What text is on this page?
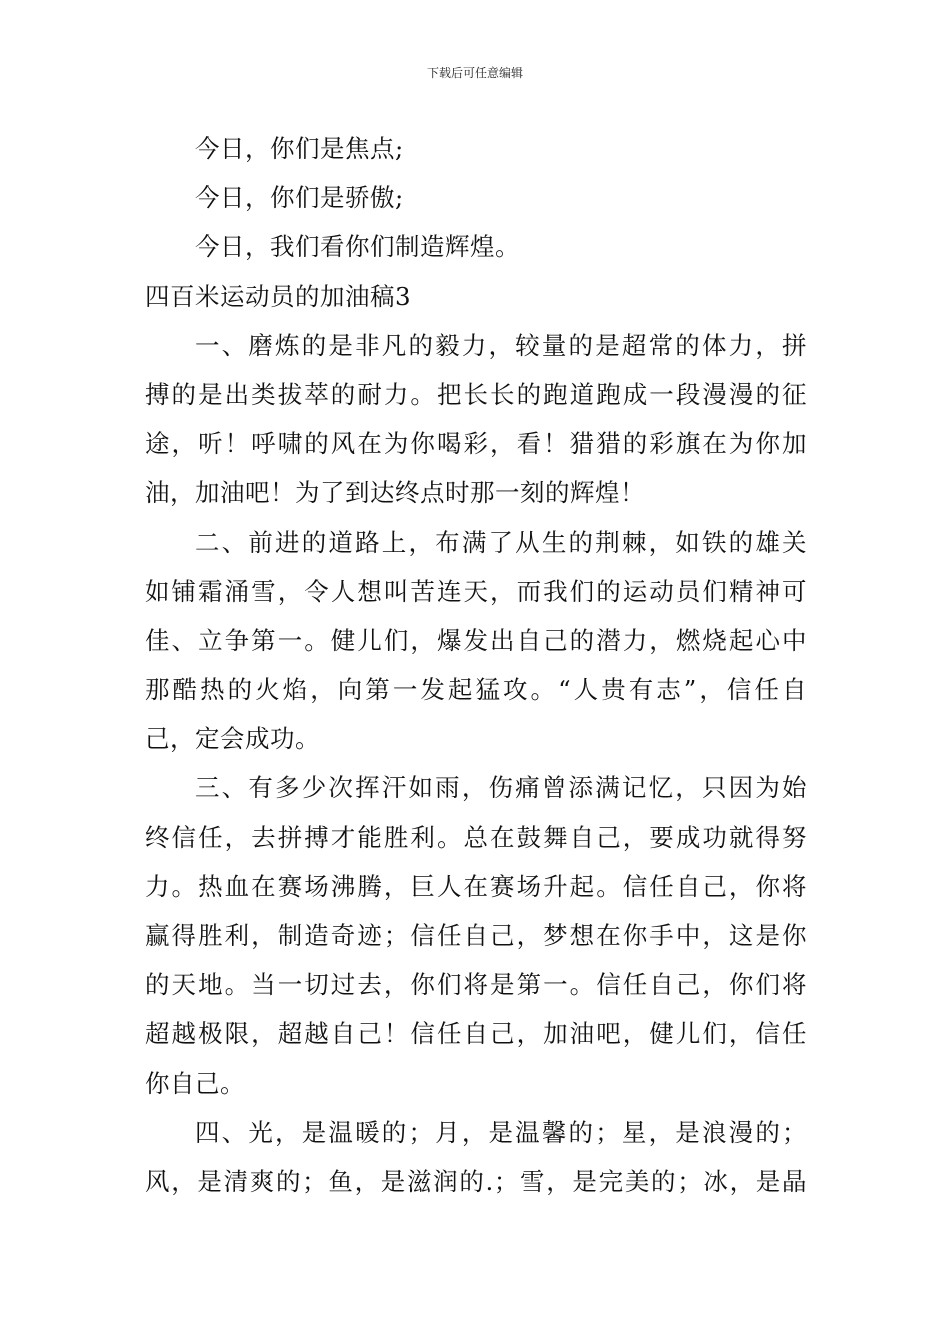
下载后可任意编辑
今日，你们是焦点;
今日，你们是骄傲;
今日，我们看你们制造辉煌。
四百米运动员的加油稿3
一、磨炼的是非凡的毅力，较量的是超常的体力，拼
搏的是出类拔萃的耐力。把长长的跑道跑成一段漫漫的征
途，听！呼啸的风在为你喝彩，看！猎猎的彩旗在为你加
油，加油吧！为了到达终点时那一刻的辉煌！
二、前进的道路上，布满了从生的荆棘，如铁的雄关
如铺霜涌雪，令人想叫苦连天，而我们的运动员们精神可
佳、立争第一。健儿们，爆发出自己的潜力，燃烧起心中
那酷热的火焰，向第一发起猛攻。“人贵有志”，信任自
己，定会成功。
三、有多少次挥汗如雨，伤痛曾添满记忆，只因为始
终信任，去拼搏才能胜利。总在鼓舞自己，要成功就得努
力。热血在赛场沸腾，巨人在赛场升起。信任自己，你将
赢得胜利，制造奇迹；信任自己，梦想在你手中，这是你
的天地。当一切过去，你们将是第一。信任自己，你们将
超越极限，超越自己！信任自己，加油吧，健儿们，信任
你自己。
四、光，是温暖的；月，是温馨的；星，是浪漫的；
风，是清爽的；鱼，是滋润的.；雪，是完美的；冰，是晶
